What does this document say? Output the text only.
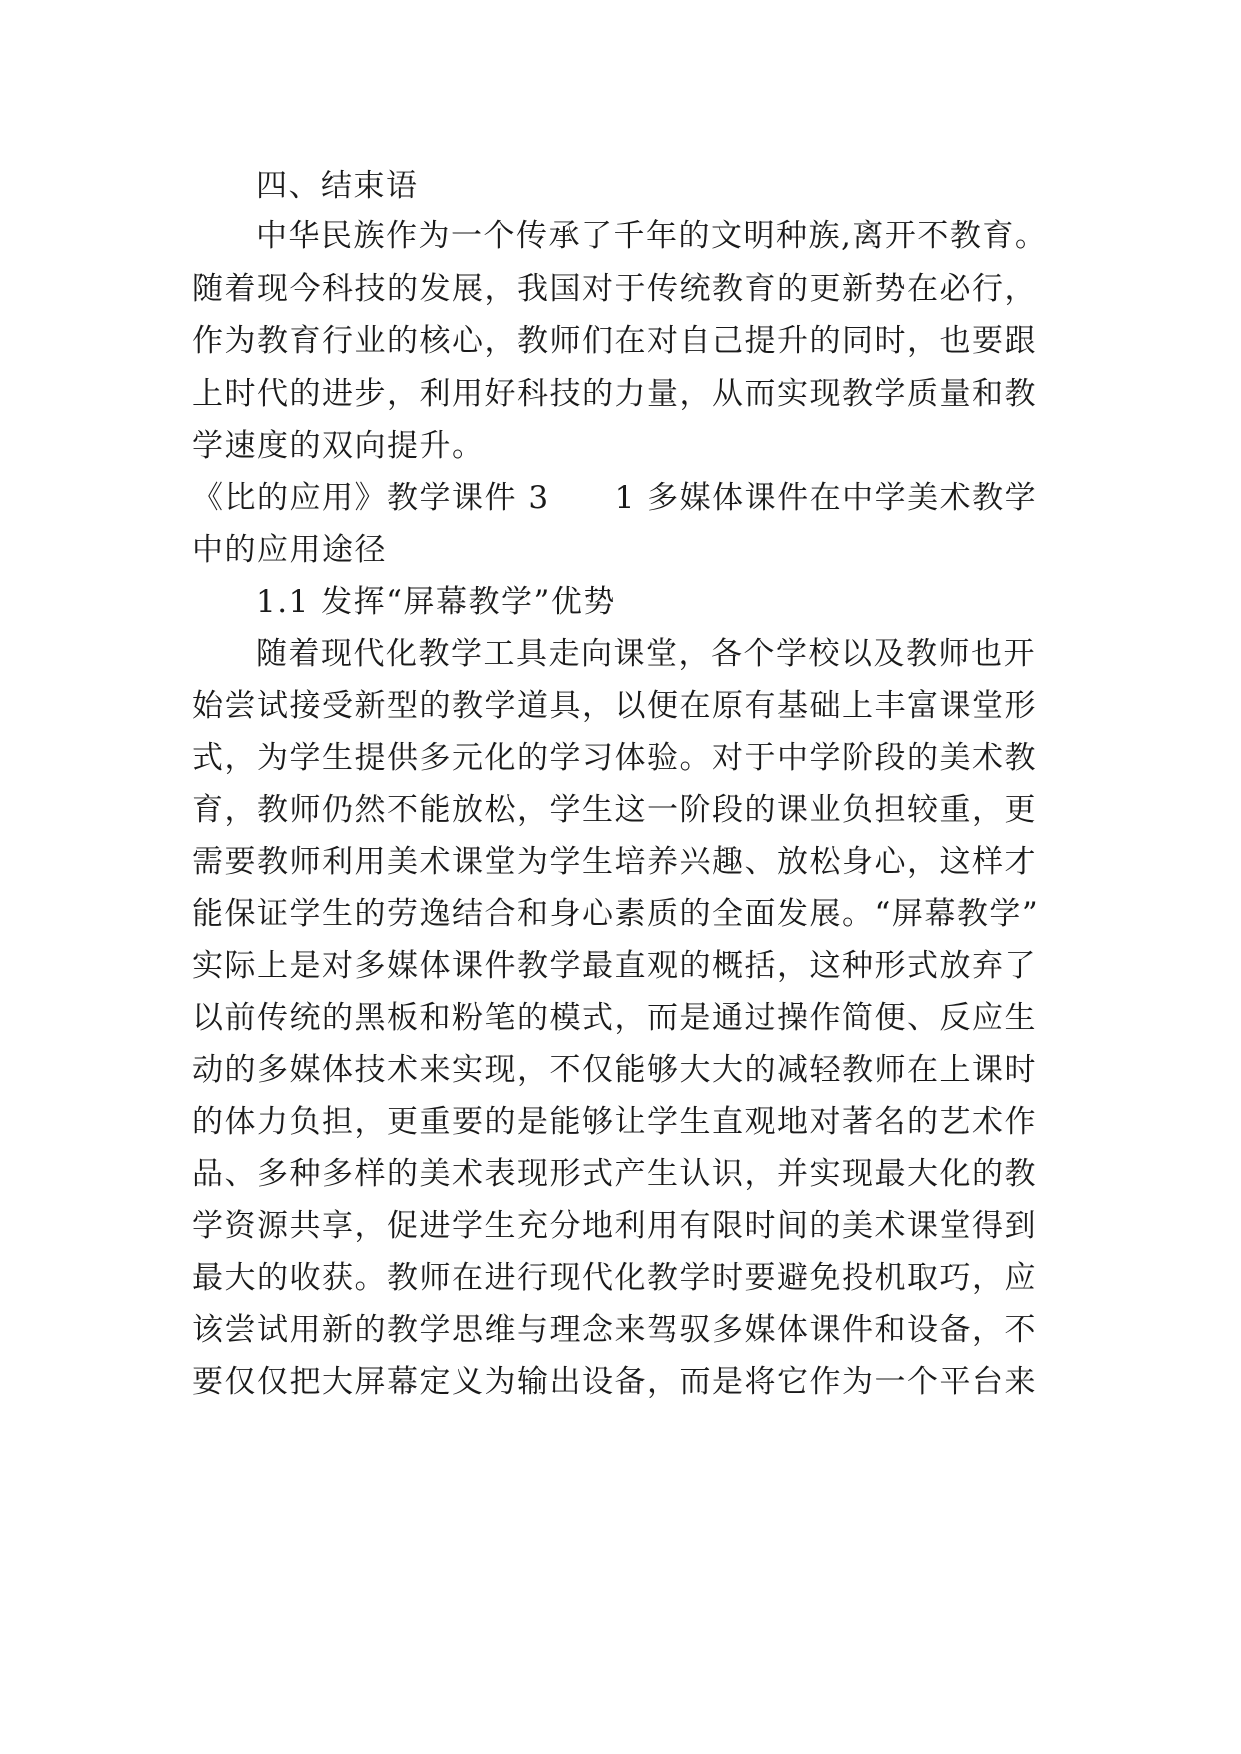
四、结束语

中华民族作为一个传承了千年的文明种族,离开不教育。

随着现今科技的发展，我国对于传统教育的更新势在必行，

作为教育行业的核心，教师们在对自己提升的同时，也要跟

上时代的进步，利用好科技的力量，从而实现教学质量和教

学速度的双向提升。

《比的应用》教学课件 3　　1 多媒体课件在中学美术教学

中的应用途径

1.1 发挥“屏幕教学”优势

随着现代化教学工具走向课堂，各个学校以及教师也开

始尝试接受新型的教学道具，以便在原有基础上丰富课堂形

式，为学生提供多元化的学习体验。对于中学阶段的美术教

育，教师仍然不能放松，学生这一阶段的课业负担较重，更

需要教师利用美术课堂为学生培养兴趣、放松身心，这样才

能保证学生的劳逸结合和身心素质的全面发展。“屏幕教学”

实际上是对多媒体课件教学最直观的概括，这种形式放弃了

以前传统的黑板和粉笔的模式，而是通过操作简便、反应生

动的多媒体技术来实现，不仅能够大大的减轻教师在上课时

的体力负担，更重要的是能够让学生直观地对著名的艺术作

品、多种多样的美术表现形式产生认识，并实现最大化的教

学资源共享，促进学生充分地利用有限时间的美术课堂得到

最大的收获。教师在进行现代化教学时要避免投机取巧，应

该尝试用新的教学思维与理念来驾驭多媒体课件和设备，不

要仅仅把大屏幕定义为输出设备，而是将它作为一个平台来
